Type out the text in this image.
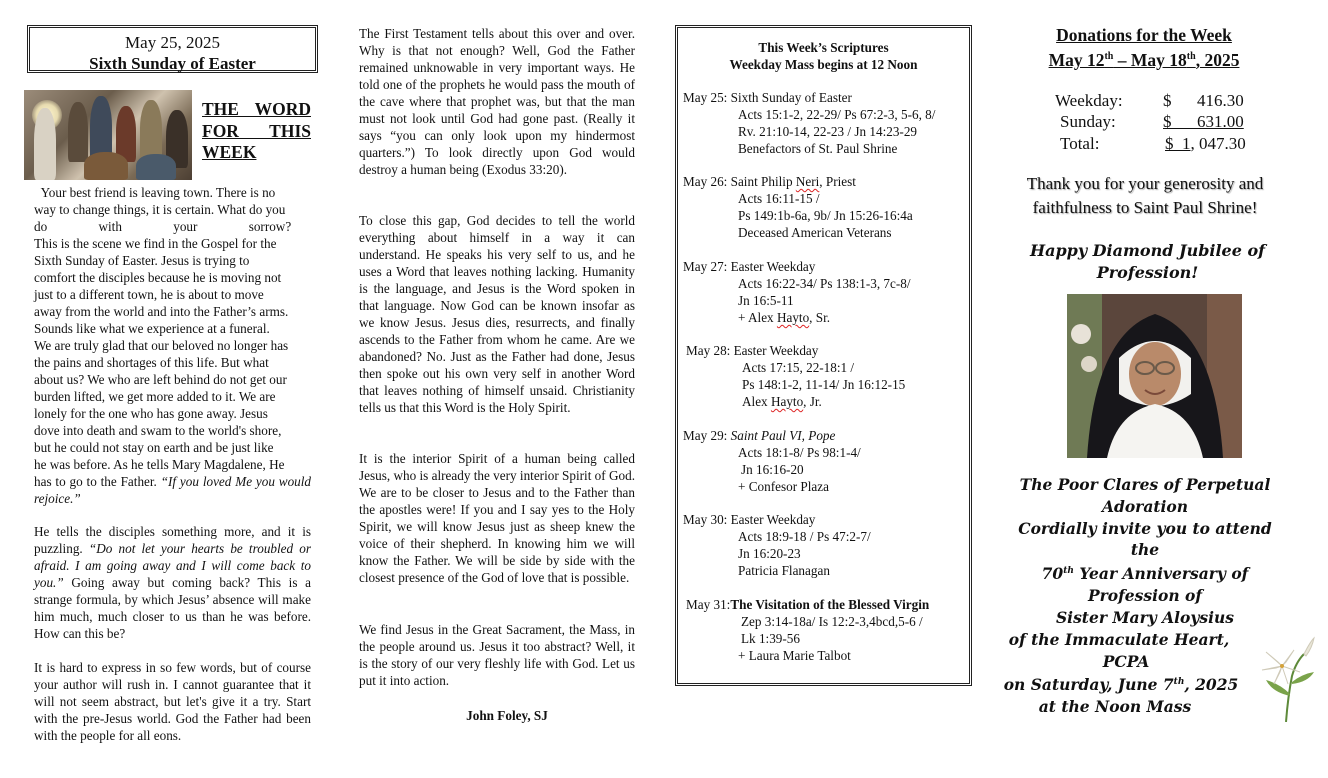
May 25, 2025
Sixth Sunday of Easter
THE WORD FOR THIS WEEK
Your best friend is leaving town. There is no
way to change things, it is certain. What do you
do with your sorrow?
This is the scene we find in the Gospel for the
Sixth Sunday of Easter. Jesus is trying to
comfort the disciples because he is moving not
just to a different town, he is about to move
away from the world and into the Father’s arms.
Sounds like what we experience at a funeral.
We are truly glad that our beloved no longer has
the pains and shortages of this life. But what
about us? We who are left behind do not get our
burden lifted, we get more added to it. We are
lonely for the one who has gone away. Jesus
dove into death and swam to the world's shore,
but he could not stay on earth and be just like
he was before. As he tells Mary Magdalene, He
has to go to the Father. “If you loved Me you would rejoice.”
He tells the disciples something more, and it is puzzling. “Do not let your hearts be troubled or afraid. I am going away and I will come back to you.” Going away but coming back? This is a strange formula, by which Jesus’ absence will make him much, much closer to us than he was before. How can this be?
It is hard to express in so few words, but of course your author will rush in. I cannot guarantee that it will not seem abstract, but let's give it a try. Start with the pre-Jesus world. God the Father had been with the people for all eons.
The First Testament tells about this over and over. Why is that not enough? Well, God the Father remained unknowable in very important ways. He told one of the prophets he would pass the mouth of the cave where that prophet was, but that the man must not look until God had gone past. (Really it says “you can only look upon my hindermost quarters.”) To look directly upon God would destroy a human being (Exodus 33:20).
To close this gap, God decides to tell the world everything about himself in a way it can understand. He speaks his very self to us, and he uses a Word that leaves nothing lacking. Humanity is the language, and Jesus is the Word spoken in that language. Now God can be known insofar as we know Jesus. Jesus dies, resurrects, and finally ascends to the Father from whom he came. Are we abandoned? No. Just as the Father had done, Jesus then spoke out his own very self in another Word that leaves nothing of himself unsaid. Christianity tells us that this Word is the Holy Spirit.
It is the interior Spirit of a human being called Jesus, who is already the very interior Spirit of God. We are to be closer to Jesus and to the Father than the apostles were! If you and I say yes to the Holy Spirit, we will know Jesus just as sheep knew the voice of their shepherd. In knowing him we will know the Father. We will be side by side with the closest presence of the God of love that is possible.
We find Jesus in the Great Sacrament, the Mass, in the people around us. Jesus it too abstract? Well, it is the story of our very fleshly life with God. Let us put it into action.
John Foley, SJ
This Week’s Scriptures
Weekday Mass begins at 12 Noon
May 25: Sixth Sunday of Easter
Acts 15:1-2, 22-29/ Ps 67:2-3, 5-6, 8/
Rv. 21:10-14, 22-23 / Jn 14:23-29
Benefactors of St. Paul Shrine
May 26: Saint Philip Neri, Priest
Acts 16:11-15 /
Ps 149:1b-6a, 9b/ Jn 15:26-16:4a
Deceased American Veterans
May 27: Easter Weekday
Acts 16:22-34/ Ps 138:1-3, 7c-8/
Jn 16:5-11
+ Alex Hayto, Sr.
May 28: Easter Weekday
Acts 17:15, 22-18:1 /
Ps 148:1-2, 11-14/ Jn 16:12-15
Alex Hayto, Jr.
May 29: Saint Paul VI, Pope
Acts 18:1-8/ Ps 98:1-4/
Jn 16:16-20
+ Confesor Plaza
May 30: Easter Weekday
Acts 18:9-18 / Ps 47:2-7/
Jn 16:20-23
Patricia Flanagan
May 31:The Visitation of the Blessed Virgin
Zep 3:14-18a/ Is 12:2-3,4bcd,5-6 /
Lk 1:39-56
+ Laura Marie Talbot
Donations for the Week
May 12th – May 18th, 2025
Weekday: $      416.30
Sunday:	$      631.00
Total:	$  1, 047.30
Thank you for your generosity and faithfulness to Saint Paul Shrine!
Happy Diamond Jubilee of Profession!
The Poor Clares of Perpetual
Adoration
Cordially invite you to attend
the
70th Year Anniversary of
Profession of
Sister Mary Aloysius
of the Immaculate Heart,
PCPA
on Saturday, June 7th, 2025
at the Noon Mass
